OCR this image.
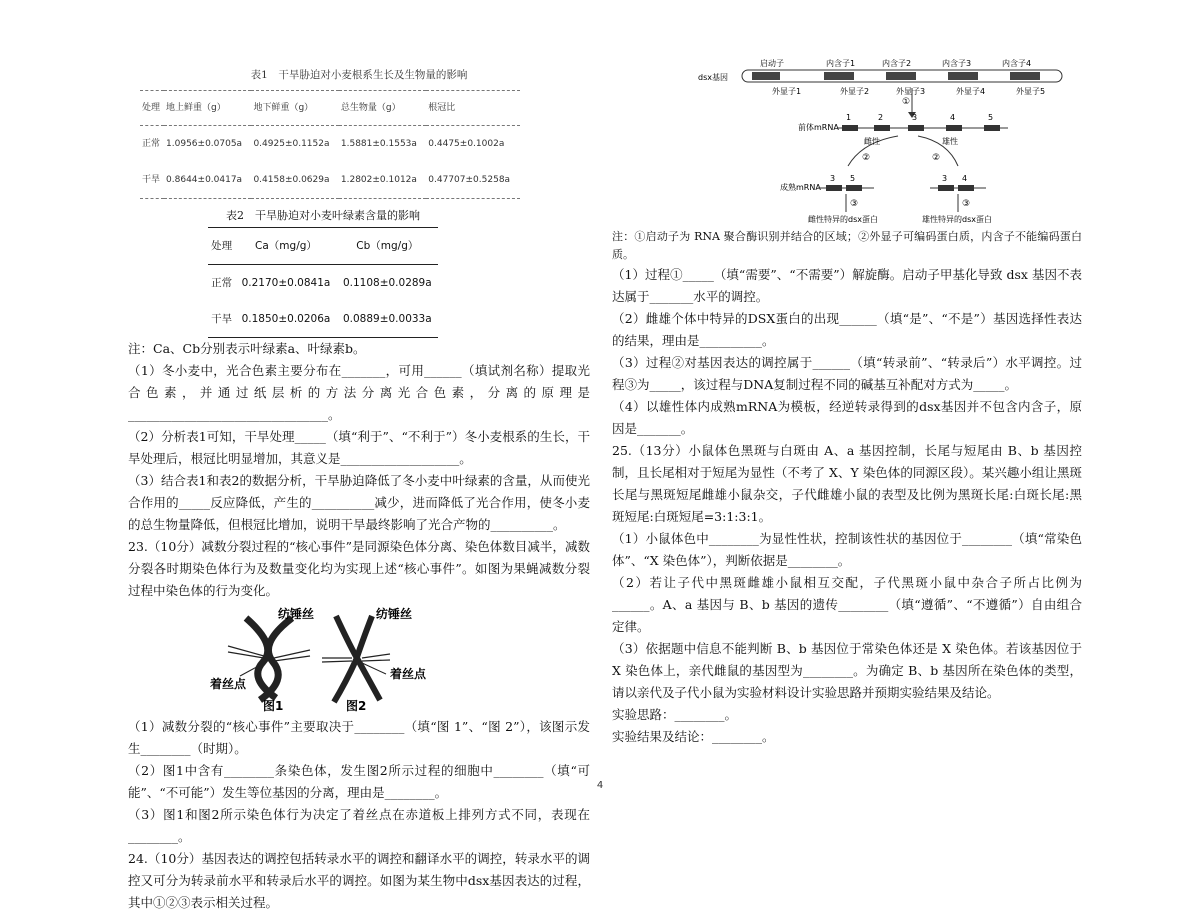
表1　干旱胁迫对小麦根系生长及生物量的影响
处理	地上鲜重（g）	地下鲜重（g）	总生物量（g）	根冠比
正常	1.0956±0.0705a	0.4925±0.1152a	1.5881±0.1553a	0.4475±0.1002a
干旱	0.8644±0.0417a	0.4158±0.0629a	1.2802±0.1012a	0.47707±0.5258a
表2　干旱胁迫对小麦叶绿素含量的影响
处理	Ca（mg/g）	Cb（mg/g）
正常	0.2170±0.0841a	0.1108±0.0289a
干旱	0.1850±0.0206a	0.0889±0.0033a

注：Ca、Cb分别表示叶绿素a、叶绿素b。

（1）冬小麦中，光合色素主要分布在_______，可用______（填试剂名称）提取光合色素，并通过纸层析的方法分离光合色素，分离的原理是________________________________。

（2）分析表1可知，干旱处理_____（填“利于”、“不利于”）冬小麦根系的生长，干旱处理后，根冠比明显增加，其意义是___________________。

（3）结合表1和表2的数据分析，干旱胁迫降低了冬小麦中叶绿素的含量，从而使光合作用的_____反应降低，产生的__________减少，进而降低了光合作用，使冬小麦的总生物量降低，但根冠比增加，说明干旱最终影响了光合产物的__________。

23.（10分）减数分裂过程的“核心事件”是同源染色体分离、染色体数目减半，减数分裂各时期染色体行为及数量变化均为实现上述“核心事件”。如图为果蝇减数分裂过程中染色体的行为变化。

纺锤丝
着丝点
图1
纺锤丝
着丝点
图2

（1）减数分裂的“核心事件”主要取决于________（填“图 1”、“图 2”），该图示发生________（时期）。

（2）图1中含有________条染色体，发生图2所示过程的细胞中________（填“可能”、“不可能”）发生等位基因的分离，理由是________。

（3）图1和图2所示染色体行为决定了着丝点在赤道板上排列方式不同，表现在________。

24.（10分）基因表达的调控包括转录水平的调控和翻译水平的调控，转录水平的调控又可分为转录前水平和转录后水平的调控。如图为某生物中dsx基因表达的过程，其中①②③表示相关过程。

dsx基因
启动子	内含子1	内含子2	内含子3	内含子4
外显子1	外显子2	外显子3	外显子4	外显子5
①
前体mRNA
1	2	3	4	5
雌性	雄性
②	②
成熟mRNA
3 5	3 4
③	③
雌性特异的dsx蛋白	雄性特异的dsx蛋白

注：①启动子为 RNA 聚合酶识别并结合的区域；②外显子可编码蛋白质，内含子不能编码蛋白质。

（1）过程①_____（填“需要”、“不需要”）解旋酶。启动子甲基化导致 dsx 基因不表达属于_______水平的调控。

（2）雌雄个体中特异的DSX蛋白的出现______（填“是”、“不是”）基因选择性表达的结果，理由是__________。

（3）过程②对基因表达的调控属于______（填“转录前”、“转录后”）水平调控。过程③为_____，该过程与DNA复制过程不同的碱基互补配对方式为_____。

（4）以雄性体内成熟mRNA为模板，经逆转录得到的dsx基因并不包含内含子，原因是_______。

25.（13分）小鼠体色黑斑与白斑由 A、a 基因控制，长尾与短尾由 B、b 基因控制，且长尾相对于短尾为显性（不考了 X、Y 染色体的同源区段）。某兴趣小组让黑斑长尾与黑斑短尾雌雄小鼠杂交，子代雌雄小鼠的表型及比例为黑斑长尾:白斑长尾:黑斑短尾:白斑短尾=3:1:3:1。

（1）小鼠体色中________为显性性状，控制该性状的基因位于________（填“常染色体”、“X 染色体”），判断依据是________。

（2）若让子代中黑斑雌雄小鼠相互交配，子代黑斑小鼠中杂合子所占比例为______。A、a 基因与 B、b 基因的遗传________（填“遵循”、“不遵循”）自由组合定律。

（3）依据题中信息不能判断 B、b 基因位于常染色体还是 X 染色体。若该基因位于 X 染色体上，亲代雌鼠的基因型为________。为确定 B、b 基因所在染色体的类型，请以亲代及子代小鼠为实验材料设计实验思路并预期实验结果及结论。

实验思路：________。

实验结果及结论：________。

4
